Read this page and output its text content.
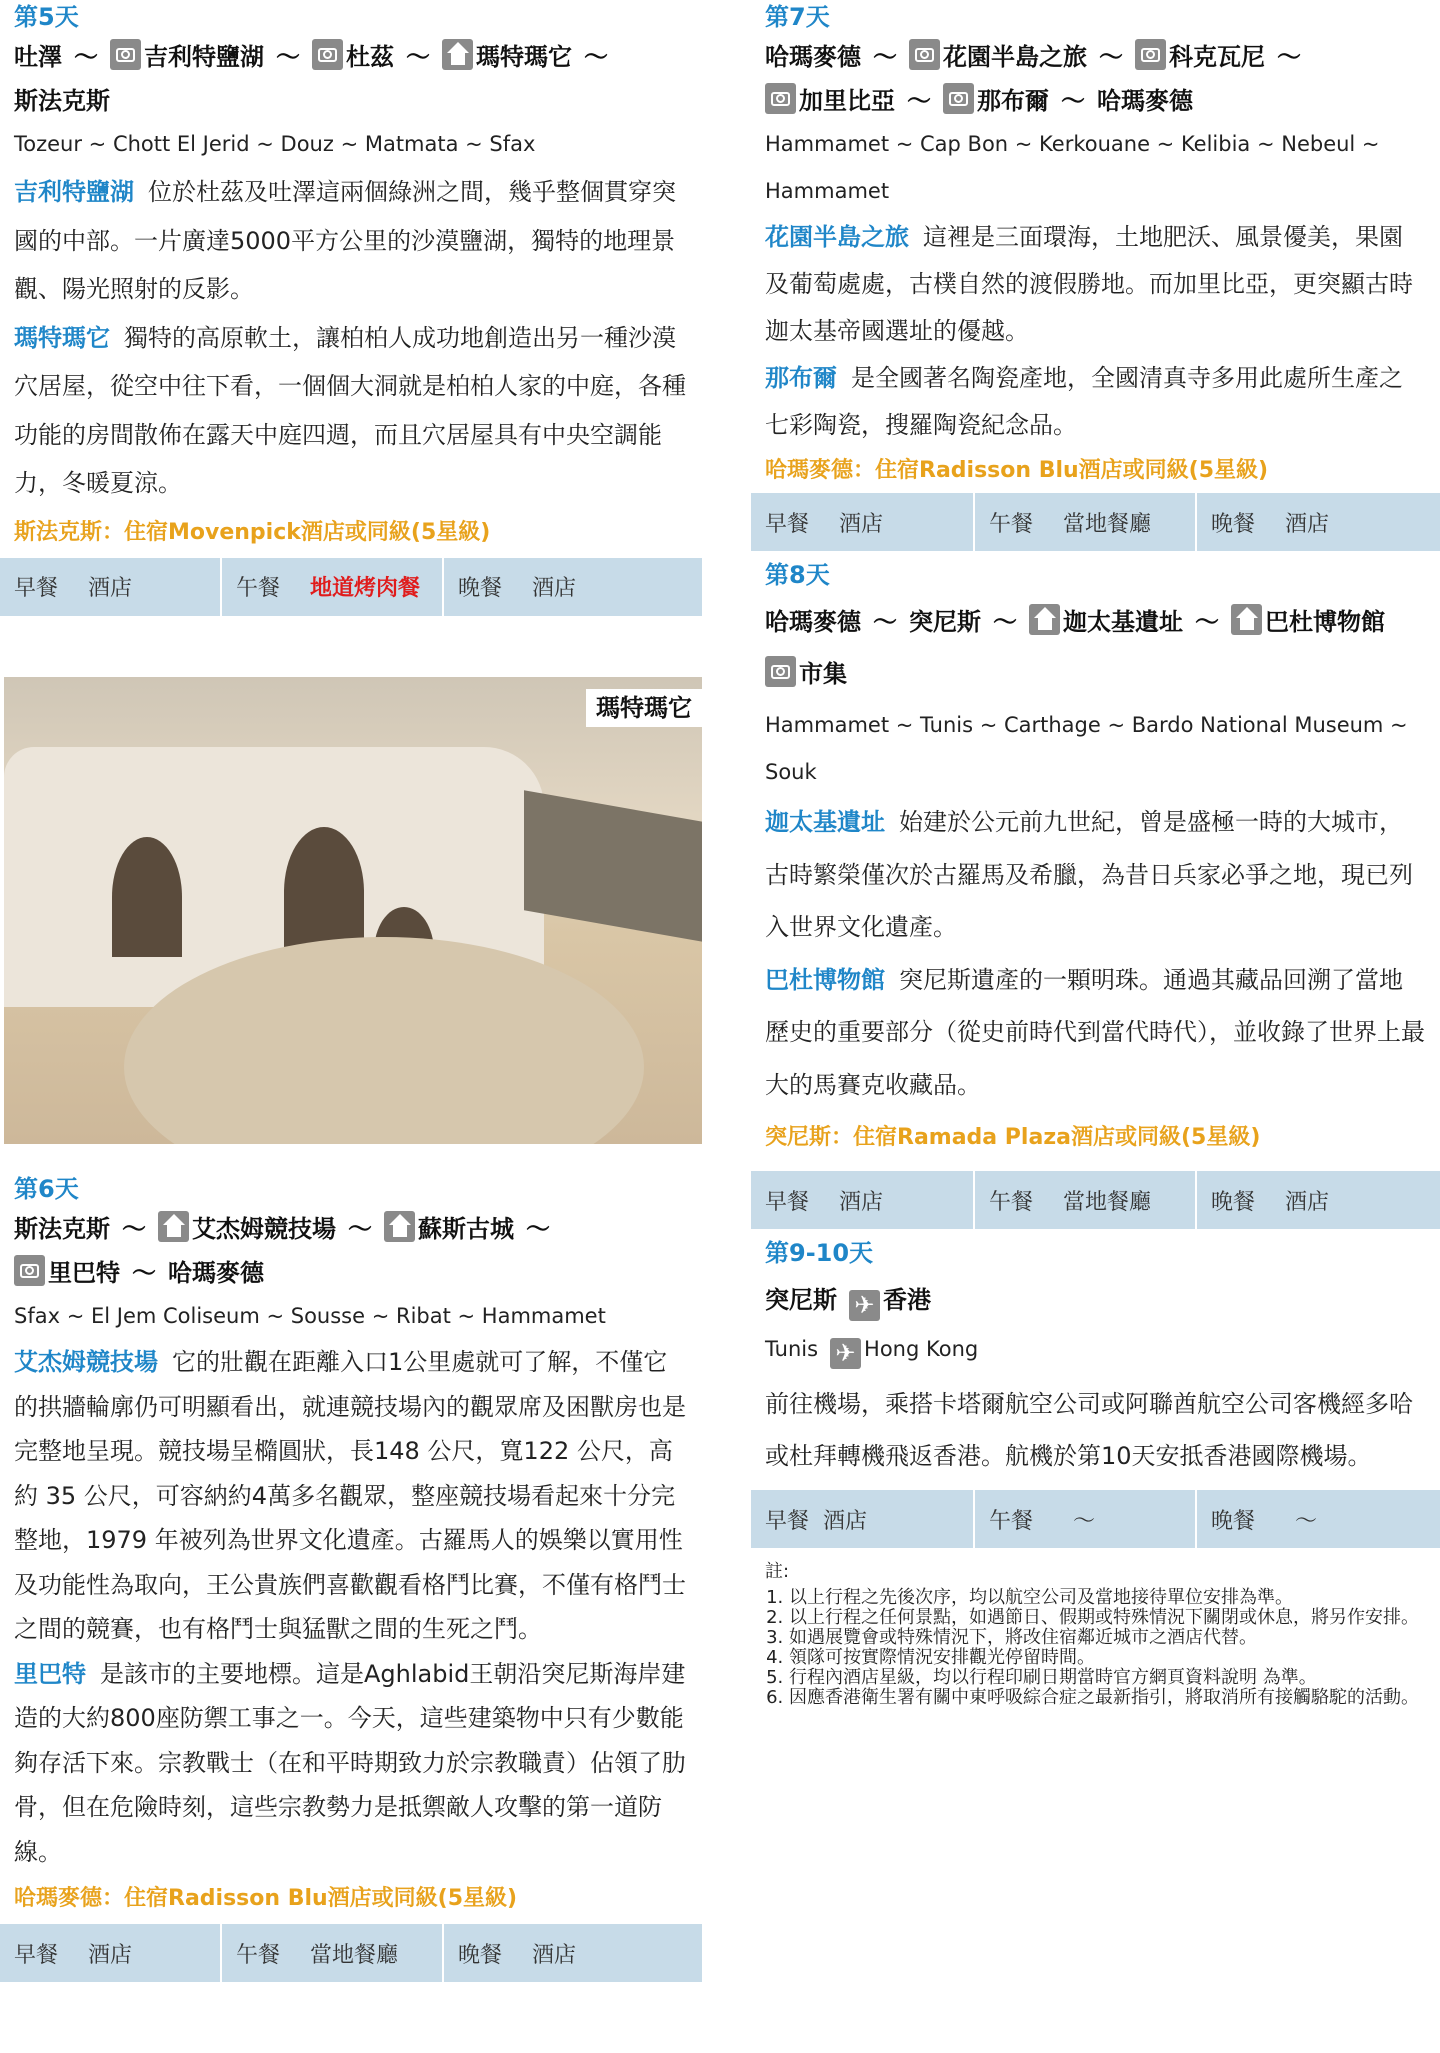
第5天
吐澤 ～ 吉利特鹽湖 ～ 杜茲 ～ 瑪特瑪它 ～
斯法克斯
Tozeur ~ Chott El Jerid ~ Douz ~ Matmata ~ Sfax

吉利特鹽湖 位於杜茲及吐澤這兩個綠洲之間，幾乎整個貫穿突國的中部。一片廣達5000平方公里的沙漠鹽湖，獨特的地理景觀、陽光照射的反影。

瑪特瑪它 獨特的高原軟土，讓柏柏人成功地創造出另一種沙漠穴居屋，從空中往下看，一個個大洞就是柏柏人家的中庭，各種功能的房間散佈在露天中庭四週，而且穴居屋具有中央空調能力，冬暖夏涼。

斯法克斯：住宿Movenpick酒店或同級(5星級)
早餐 酒店	午餐 地道烤肉餐 晚餐 酒店
瑪特瑪它
第6天
斯法克斯 ～ 艾杰姆競技場 ～ 蘇斯古城 ～
里巴特 ～ 哈瑪麥德
Sfax ~ El Jem Coliseum ~ Sousse ~ Ribat ~ Hammamet

艾杰姆競技場 它的壯觀在距離入口1公里處就可了解，不僅它的拱牆輪廓仍可明顯看出，就連競技場內的觀眾席及困獸房也是完整地呈現。競技場呈橢圓狀，長148 公尺，寬122 公尺，高約 35 公尺，可容納約4萬多名觀眾，整座競技場看起來十分完整地，1979 年被列為世界文化遺產。古羅馬人的娛樂以實用性及功能性為取向，王公貴族們喜歡觀看格鬥比賽，不僅有格鬥士之間的競賽，也有格鬥士與猛獸之間的生死之鬥。

里巴特 是該市的主要地標。這是Aghlabid王朝沿突尼斯海岸建造的大約800座防禦工事之一。今天，這些建築物中只有少數能夠存活下來。宗教戰士（在和平時期致力於宗教職責）佔領了肋骨，但在危險時刻，這些宗教勢力是抵禦敵人攻擊的第一道防線。

哈瑪麥德：住宿Radisson Blu酒店或同級(5星級)
早餐 酒店	午餐 當地餐廳	晚餐 酒店
第7天
哈瑪麥德 ～ 花園半島之旅 ～ 科克瓦尼 ～
加里比亞 ～ 那布爾 ～ 哈瑪麥德
Hammamet ~ Cap Bon ~ Kerkouane ~ Kelibia ~ Nebeul ~
Hammamet

花園半島之旅 這裡是三面環海，土地肥沃、風景優美，果園及葡萄處處，古樸自然的渡假勝地。而加里比亞，更突顯古時迦太基帝國選址的優越。

那布爾 是全國著名陶瓷產地，全國清真寺多用此處所生產之七彩陶瓷，搜羅陶瓷紀念品。

哈瑪麥德：住宿Radisson Blu酒店或同級(5星級)
早餐 酒店	午餐 當地餐廳	晚餐 酒店
第8天
哈瑪麥德 ～ 突尼斯 ～ 迦太基遺址 ～ 巴杜博物館
市集
Hammamet ~ Tunis ~ Carthage ~ Bardo National Museum ~ Souk

迦太基遺址 始建於公元前九世紀，曾是盛極一時的大城市，古時繁榮僅次於古羅馬及希臘，為昔日兵家必爭之地，現已列入世界文化遺產。

巴杜博物館 突尼斯遺產的一顆明珠。通過其藏品回溯了當地歷史的重要部分（從史前時代到當代時代），並收錄了世界上最大的馬賽克收藏品。

突尼斯：住宿Ramada Plaza酒店或同級(5星級)
早餐 酒店	午餐 當地餐廳	晚餐 酒店
第9-10天
突尼斯 ✈ 香港
Tunis ✈ Hong Kong

前往機場，乘搭卡塔爾航空公司或阿聯酋航空公司客機經多哈或杜拜轉機飛返香港。航機於第10天安抵香港國際機場。

早餐 酒店	午餐 ～	晚餐 ～
註:
1. 以上行程之先後次序，均以航空公司及當地接待單位安排為準。
2. 以上行程之任何景點，如遇節日、假期或特殊情況下關閉或休息，將另作安排。
3. 如遇展覽會或特殊情況下，將改住宿鄰近城市之酒店代替。
4. 領隊可按實際情況安排觀光停留時間。
5. 行程內酒店星級，均以行程印刷日期當時官方網頁資料說明 為準。
6. 因應香港衛生署有關中東呼吸綜合症之最新指引，將取消所有接觸駱駝的活動。
